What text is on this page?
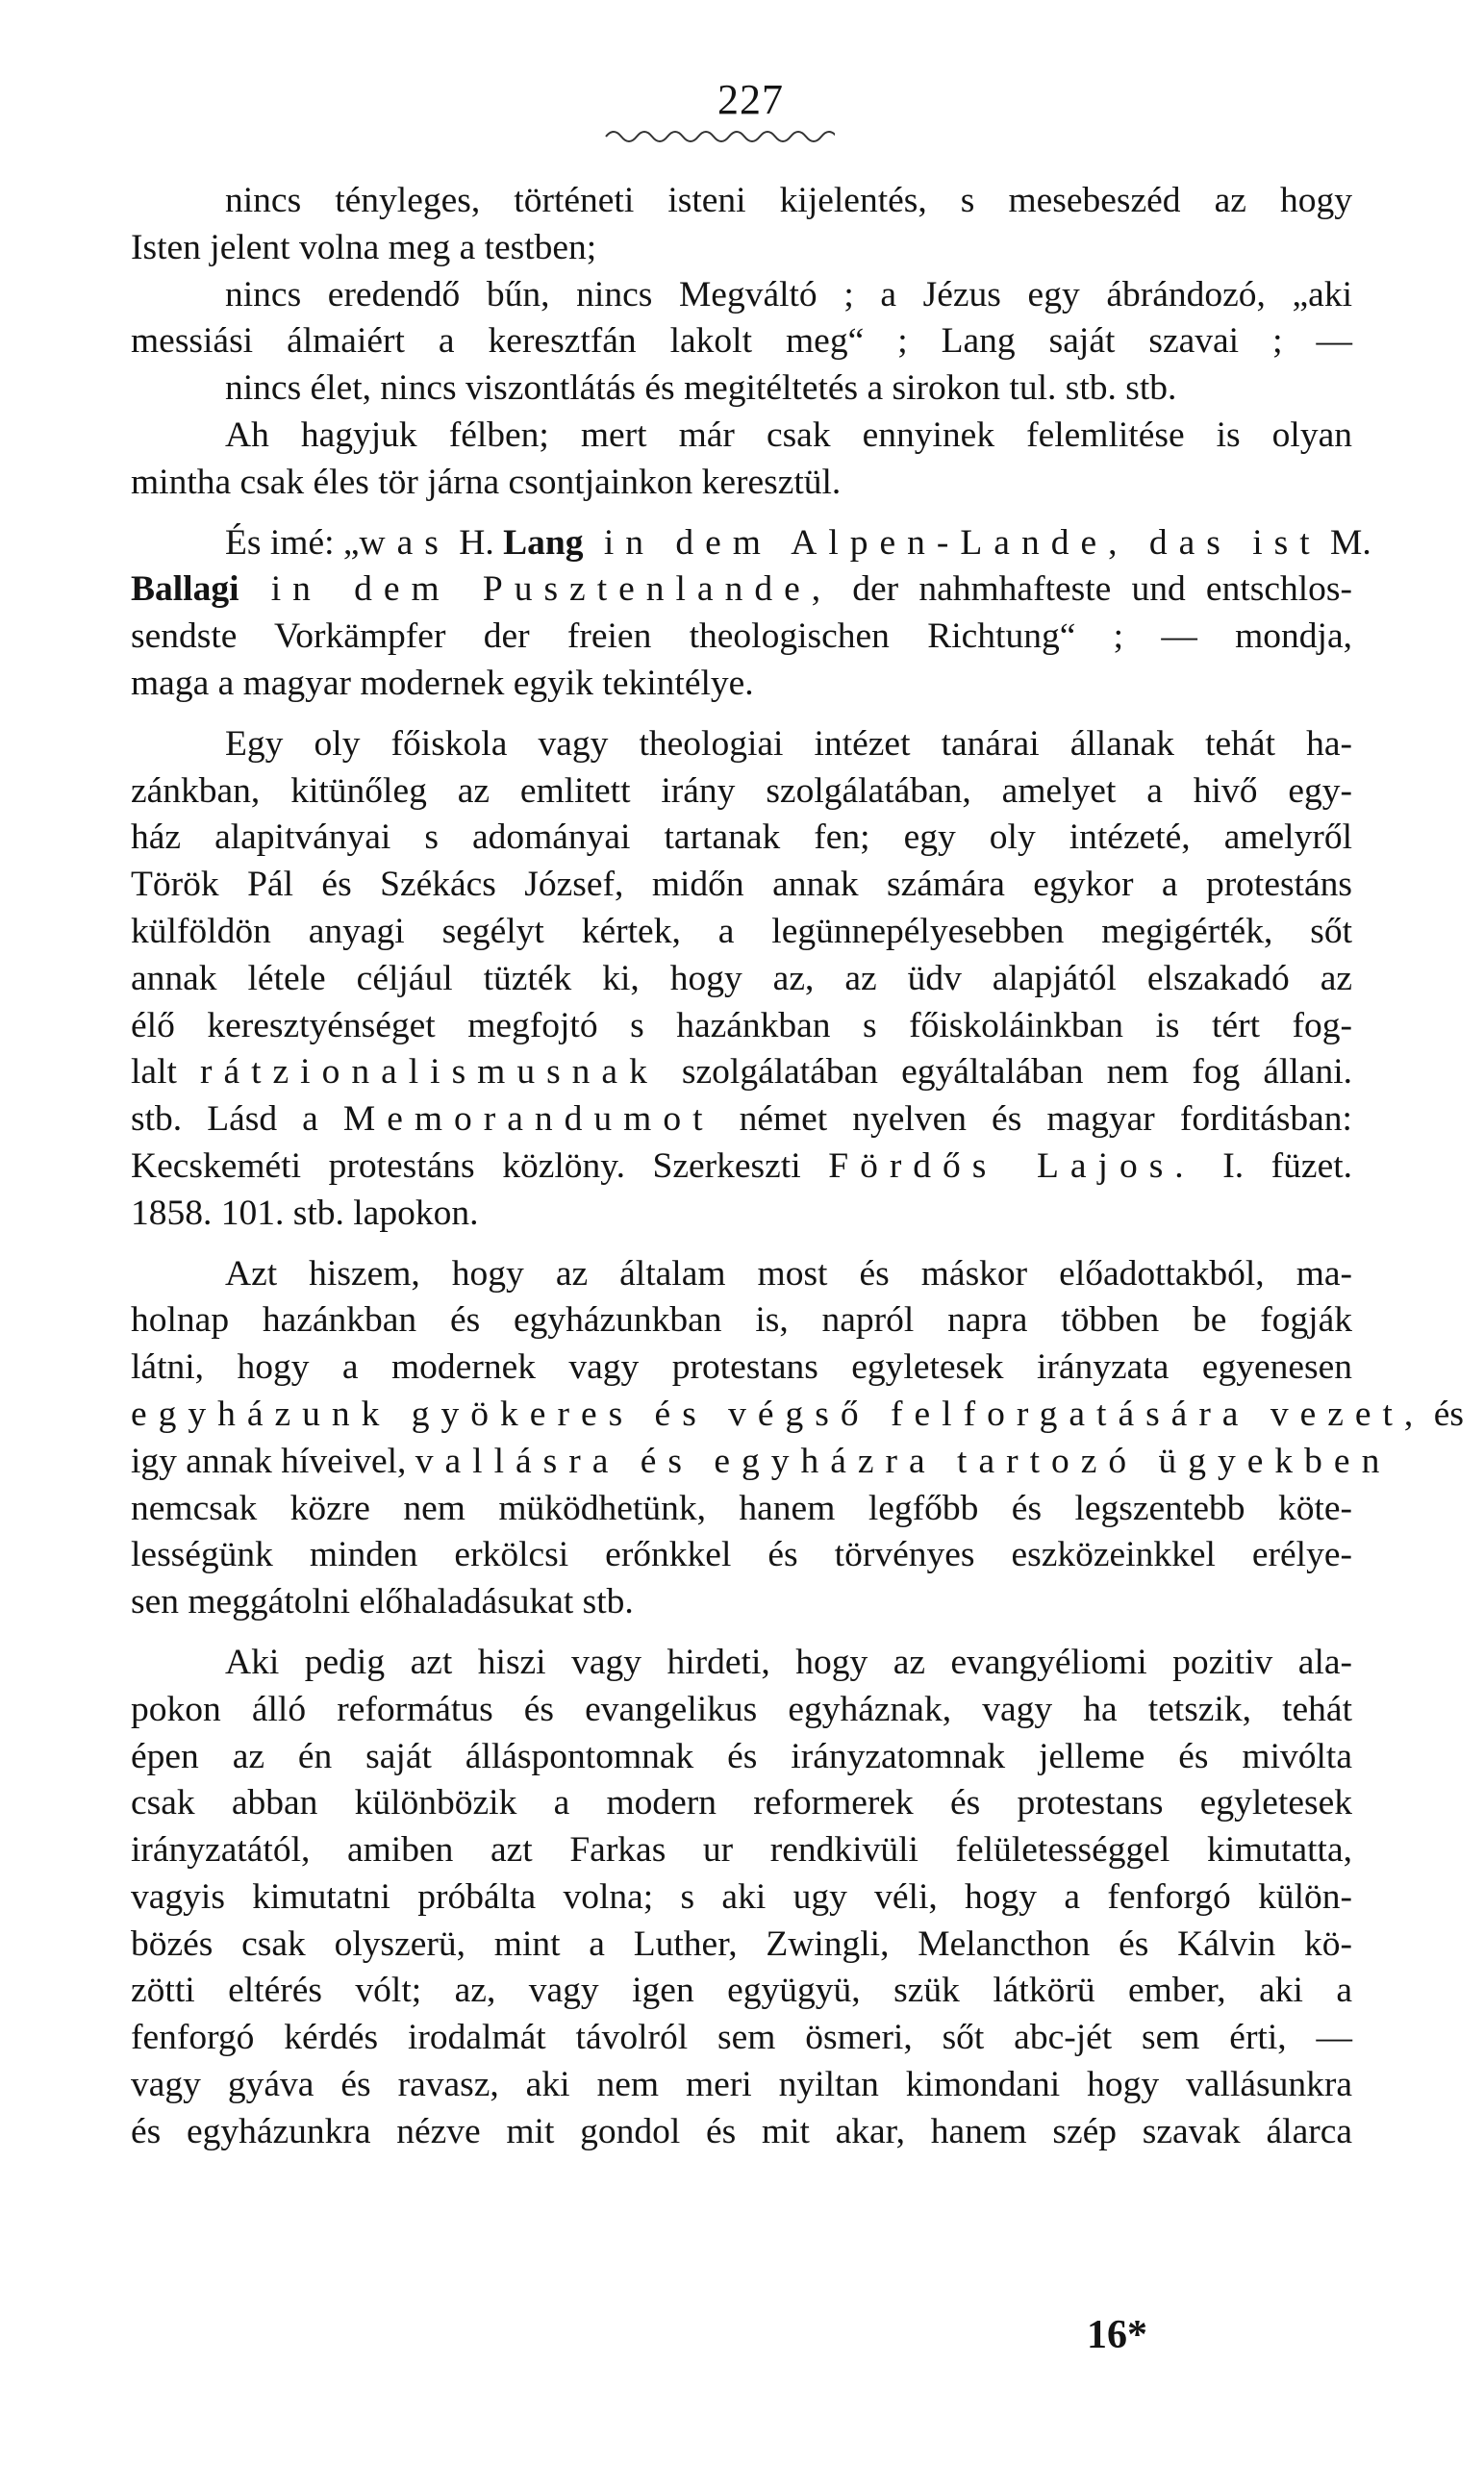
227
nincs tényleges, történeti isteni kijelentés, s mesebeszéd az hogy
Isten jelent volna meg a testben;
nincs eredendő bűn, nincs Megváltó ; a Jézus egy ábrándozó, „aki
messiási álmaiért a keresztfán lakolt meg“ ; Lang saját szavai ; —
nincs élet, nincs viszontlátás és megitéltetés a sirokon tul. stb. stb.
Ah hagyjuk félben; mert már csak ennyinek felemlitése is olyan
mintha csak éles tör járna csontjainkon keresztül.
És imé: „was H. Lang in dem Alpen-Lande, das ist M.
Ballagi in dem Pusztenlande, der nahmhafteste und entschlos-
sendste Vorkämpfer der freien theologischen Richtung“ ; — mondja,
maga a magyar modernek egyik tekintélye.
Egy oly főiskola vagy theologiai intézet tanárai állanak tehát ha-
zánkban, kitünőleg az emlitett irány szolgálatában, amelyet a hivő egy-
ház alapitványai s adományai tartanak fen; egy oly intézeté, amelyről
Török Pál és Székács József, midőn annak számára egykor a protestáns
külföldön anyagi segélyt kértek, a legünnepélyesebben megigérték, sőt
annak létele céljául tüzték ki, hogy az, az üdv alapjától elszakadó az
élő keresztyénséget megfojtó s hazánkban s főiskoláinkban is tért fog-
lalt rátzionalismusnak szolgálatában egyáltalában nem fog állani.
stb. Lásd a Memorandumot német nyelven és magyar forditásban:
Kecskeméti protestáns közlöny. Szerkeszti Fördős Lajos. I. füzet.
1858. 101. stb. lapokon.
Azt hiszem, hogy az általam most és máskor előadottakból, ma-
holnap hazánkban és egyházunkban is, napról napra többen be fogják
látni, hogy a modernek vagy protestans egyletesek irányzata egyenesen
egyházunk gyökeres és végső felforgatására vezet, és
igy annak híveivel, vallásra és egyházra tartozó ügyekben
nemcsak közre nem müködhetünk, hanem legfőbb és legszentebb köte-
lességünk minden erkölcsi erőnkkel és törvényes eszközeinkkel erélye-
sen meggátolni előhaladásukat stb.
Aki pedig azt hiszi vagy hirdeti, hogy az evangyéliomi pozitiv ala-
pokon álló református és evangelikus egyháznak, vagy ha tetszik, tehát
épen az én saját álláspontomnak és irányzatomnak jelleme és mivólta
csak abban különbözik a modern reformerek és protestans egyletesek
irányzatától, amiben azt Farkas ur rendkivüli felületességgel kimutatta,
vagyis kimutatni próbálta volna; s aki ugy véli, hogy a fenforgó külön-
bözés csak olyszerü, mint a Luther, Zwingli, Melancthon és Kálvin kö-
zötti eltérés vólt; az, vagy igen együgyü, szük látkörü ember, aki a
fenforgó kérdés irodalmát távolról sem ösmeri, sőt abc-jét sem érti, —
vagy gyáva és ravasz, aki nem meri nyiltan kimondani hogy vallásunkra
és egyházunkra nézve mit gondol és mit akar, hanem szép szavak álarca
16*
